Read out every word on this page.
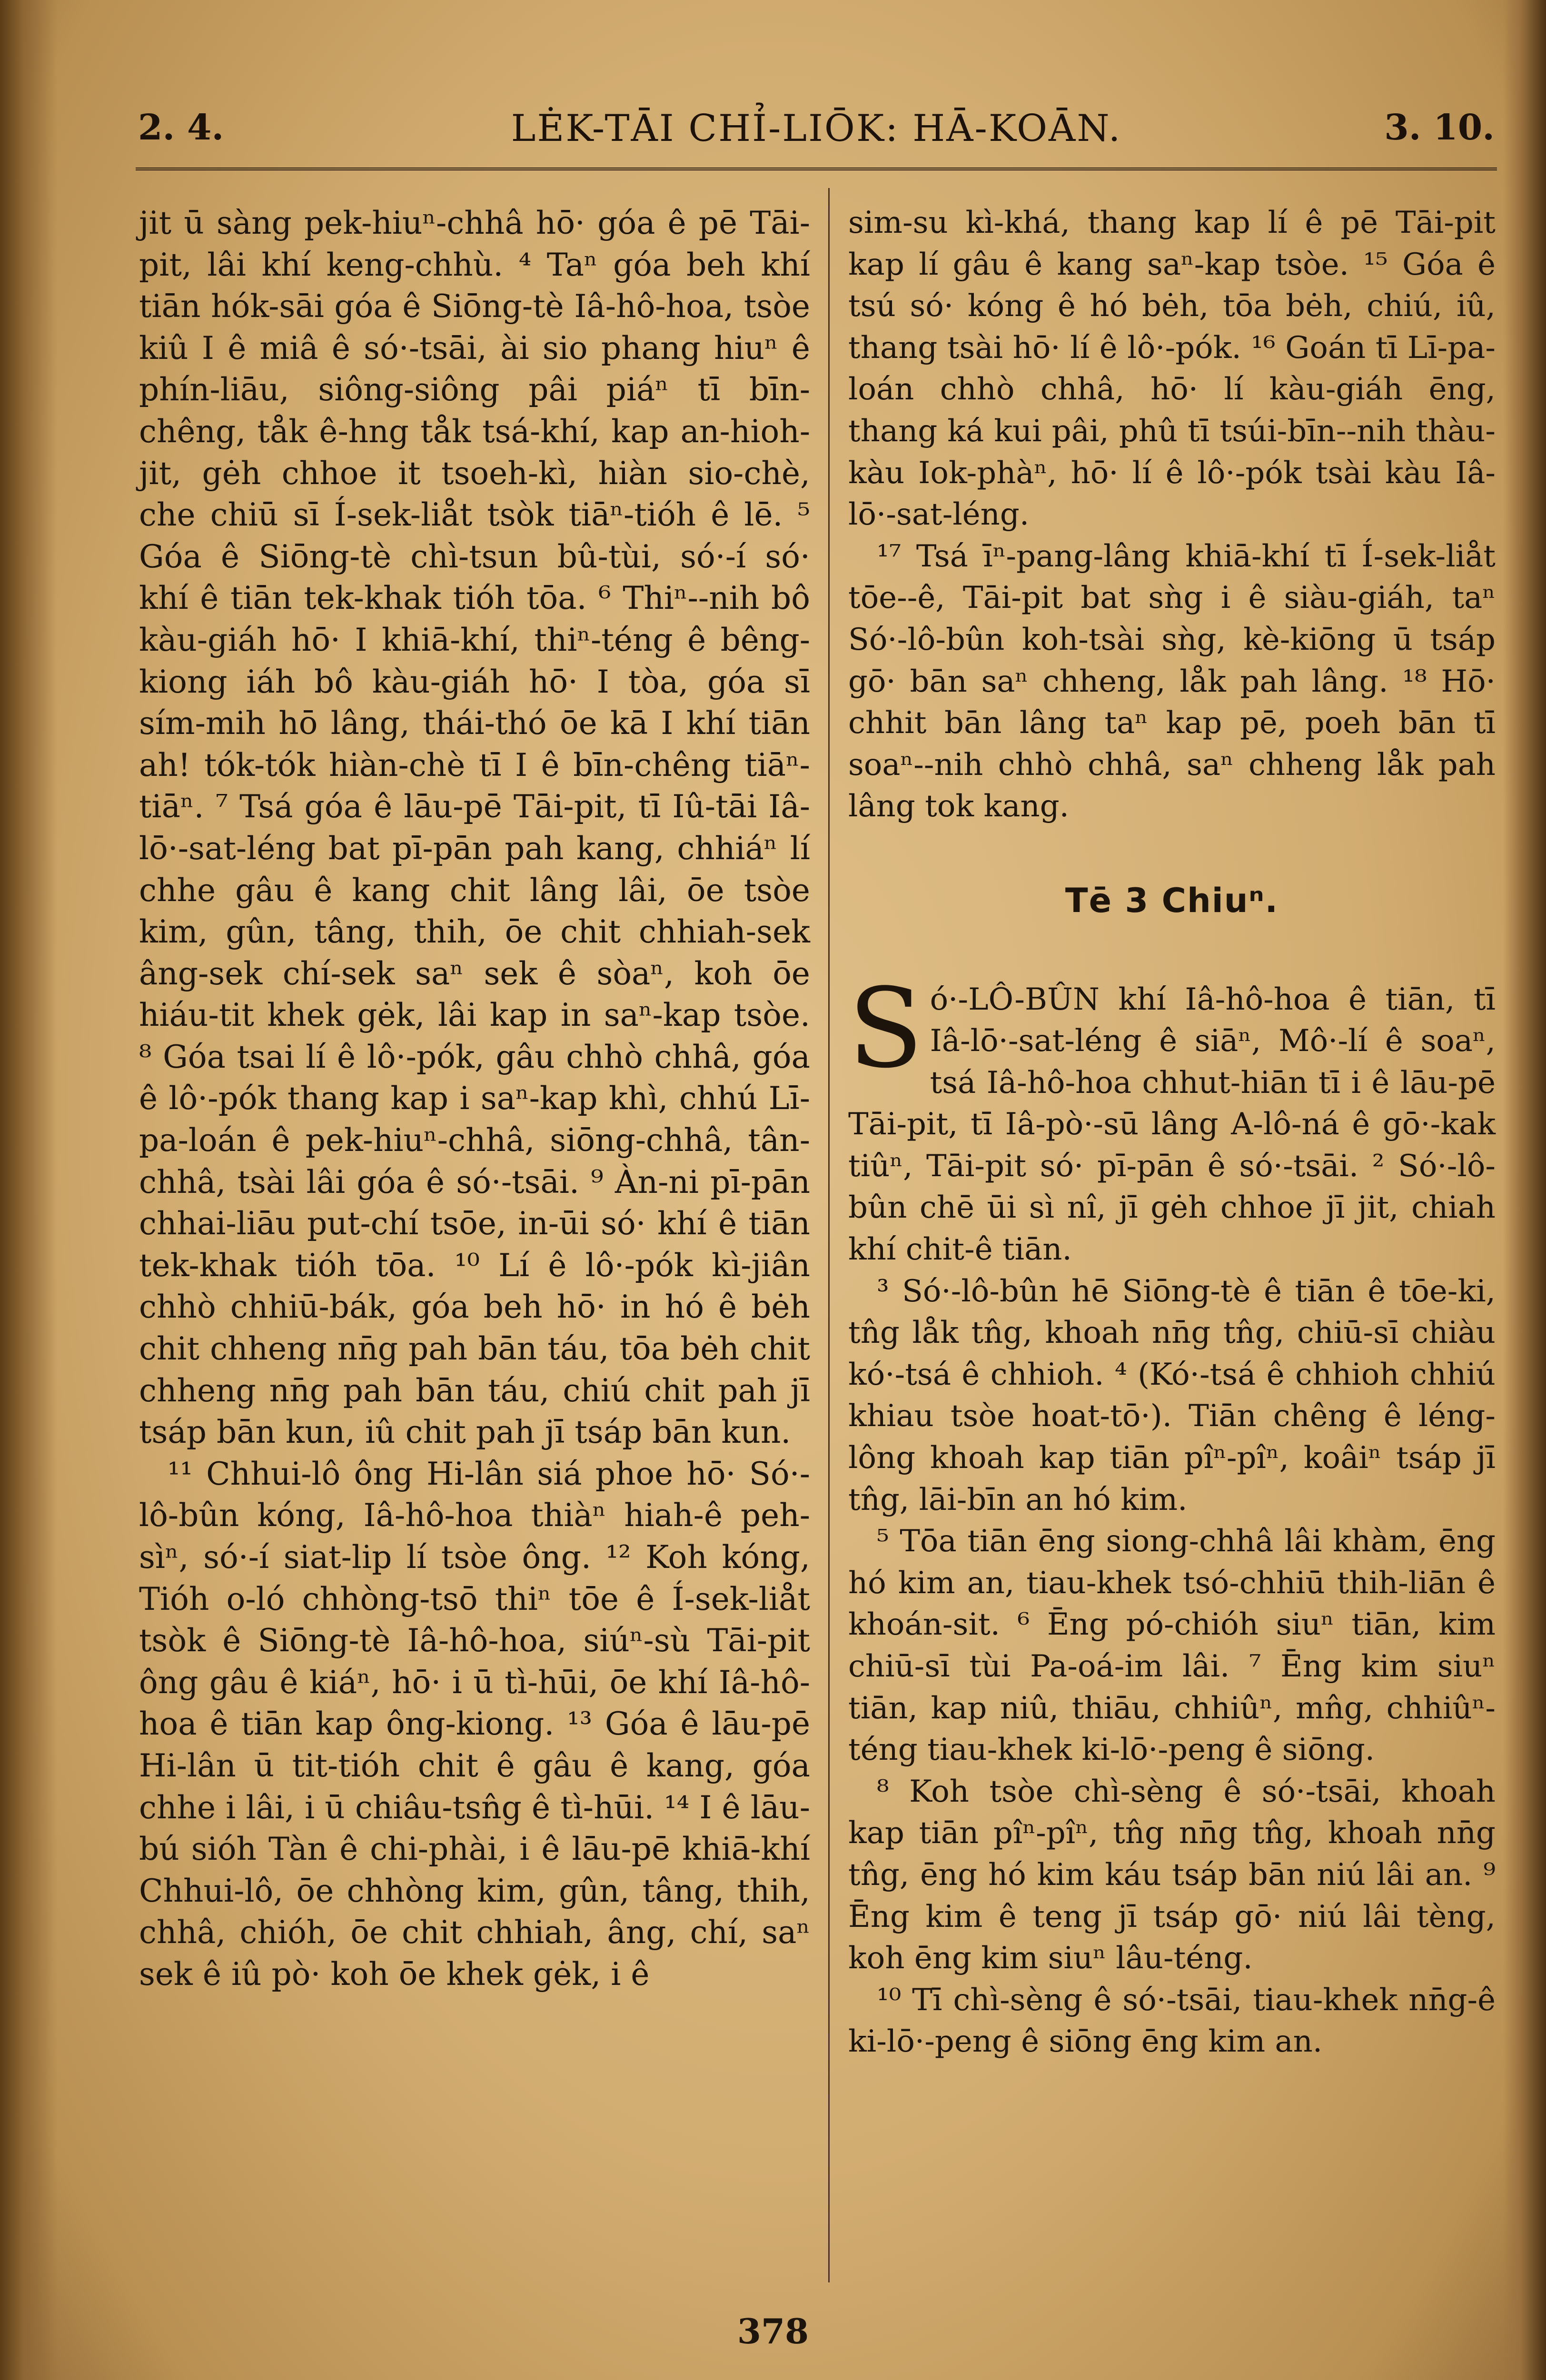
2. 4.	LĖK-TĀI CHỈ-LIŌK: HĀ-KOĀN.	3. 10.

jit ū sàng pek-hiuⁿ-chhâ hō· góa ê pē Tāi-pit, lâi khí keng-chhù. ⁴ Taⁿ góa beh khí tiān hók-sāi góa ê Siōng-tè Iâ-hô-hoa, tsòe kiû I ê miâ ê só·-tsāi, ài sio phang hiuⁿ ê phín-liāu, siông-siông pâi piáⁿ tī bīn-chêng, tåk ê-hng tåk tsá-khí, kap an-hioh-jit, gėh chhoe it tsoeh-kì, hiàn sio-chè, che chiū sī Í-sek-liåt tsòk tiāⁿ-tióh ê lē. ⁵ Góa ê Siōng-tè chì-tsun bû-tùi, só·-í só· khí ê tiān tek-khak tióh tōa. ⁶ Thiⁿ--nih bô kàu-giáh hō· I khiā-khí, thiⁿ-téng ê bêng-kiong iáh bô kàu-giáh hō· I tòa, góa sī sím-mih hō lâng, thái-thó ōe kā I khí tiān ah! tók-tók hiàn-chè tī I ê bīn-chêng tiāⁿ-tiāⁿ. ⁷ Tsá góa ê lāu-pē Tāi-pit, tī Iû-tāi Iâ-lō·-sat-léng bat pī-pān pah kang, chhiáⁿ lí chhe gâu ê kang chit lâng lâi, ōe tsòe kim, gûn, tâng, thih, ōe chit chhiah-sek âng-sek chí-sek saⁿ sek ê sòaⁿ, koh ōe hiáu-tit khek gėk, lâi kap in saⁿ-kap tsòe. ⁸ Góa tsai lí ê lô·-pók, gâu chhò chhâ, góa ê lô·-pók thang kap i saⁿ-kap khì, chhú Lī-pa-loán ê pek-hiuⁿ-chhâ, siōng-chhâ, tân-chhâ, tsài lâi góa ê só·-tsāi. ⁹ Àn-ni pī-pān chhai-liāu put-chí tsōe, in-ūi só· khí ê tiān tek-khak tióh tōa. ¹⁰ Lí ê lô·-pók kì-jiân chhò chhiū-bák, góa beh hō· in hó ê bėh chit chheng nn̄g pah bān táu, tōa bėh chit chheng nn̄g pah bān táu, chiú chit pah jī tsáp bān kun, iû chit pah jī tsáp bān kun.

¹¹ Chhui-lô ông Hi-lân siá phoe hō· Só·-lô-bûn kóng, Iâ-hô-hoa thiàⁿ hiah-ê peh-sìⁿ, só·-í siat-lip lí tsòe ông. ¹² Koh kóng, Tióh o-ló chhòng-tsō thiⁿ tōe ê Í-sek-liåt tsòk ê Siōng-tè Iâ-hô-hoa, siúⁿ-sù Tāi-pit ông gâu ê kiáⁿ, hō· i ū tì-hūi, ōe khí Iâ-hô-hoa ê tiān kap ông-kiong. ¹³ Góa ê lāu-pē Hi-lân ū tit-tióh chit ê gâu ê kang, góa chhe i lâi, i ū chiâu-tsn̂g ê tì-hūi. ¹⁴ I ê lāu-bú sióh Tàn ê chi-phài, i ê lāu-pē khiā-khí Chhui-lô, ōe chhòng kim, gûn, tâng, thih, chhâ, chióh, ōe chit chhiah, âng, chí, saⁿ sek ê iû pò· koh ōe khek gėk, i ê

sim-su kì-khá, thang kap lí ê pē Tāi-pit kap lí gâu ê kang saⁿ-kap tsòe. ¹⁵ Góa ê tsú só· kóng ê hó bėh, tōa bėh, chiú, iû, thang tsài hō· lí ê lô·-pók. ¹⁶ Goán tī Lī-pa-loán chhò chhâ, hō· lí kàu-giáh ēng, thang ká kui pâi, phû tī tsúi-bīn--nih thàu-kàu Iok-phàⁿ, hō· lí ê lô·-pók tsài kàu Iâ-lō·-sat-léng.

¹⁷ Tsá īⁿ-pang-lâng khiā-khí tī Í-sek-liåt tōe--ê, Tāi-pit bat sǹg i ê siàu-giáh, taⁿ Só·-lô-bûn koh-tsài sǹg, kè-kiōng ū tsáp gō· bān saⁿ chheng, låk pah lâng. ¹⁸ Hō· chhit bān lâng taⁿ kap pē, poeh bān tī soaⁿ--nih chhò chhâ, saⁿ chheng låk pah lâng tok kang.

Tē 3 Chiuⁿ.

Só·-LÔ-BÛN khí Iâ-hô-hoa ê tiān, tī Iâ-lō·-sat-léng ê siāⁿ, Mô·-lí ê soaⁿ, tsá Iâ-hô-hoa chhut-hiān tī i ê lāu-pē Tāi-pit, tī Iâ-pò·-sū lâng A-lô-ná ê gō·-kak tiûⁿ, Tāi-pit só· pī-pān ê só·-tsāi. ² Só·-lô-bûn chē ūi sì nî, jī gėh chhoe jī jit, chiah khí chit-ê tiān.

³ Só·-lô-bûn hē Siōng-tè ê tiān ê tōe-ki, tn̂g låk tn̂g, khoah nn̄g tn̂g, chiū-sī chiàu kó·-tsá ê chhioh. ⁴ (Kó·-tsá ê chhioh chhiú khiau tsòe hoat-tō·). Tiān chêng ê léng-lông khoah kap tiān pîⁿ-pîⁿ, koâiⁿ tsáp jī tn̂g, lāi-bīn an hó kim.

⁵ Tōa tiān ēng siong-chhâ lâi khàm, ēng hó kim an, tiau-khek tsó-chhiū thih-liān ê khoán-sit. ⁶ Ēng pó-chióh siuⁿ tiān, kim chiū-sī tùi Pa-oá-im lâi. ⁷ Ēng kim siuⁿ tiān, kap niû, thiāu, chhiûⁿ, mn̂g, chhiûⁿ-téng tiau-khek ki-lō·-peng ê siōng.

⁸ Koh tsòe chì-sèng ê só·-tsāi, khoah kap tiān pîⁿ-pîⁿ, tn̂g nn̄g tn̂g, khoah nn̄g tn̂g, ēng hó kim káu tsáp bān niú lâi an. ⁹ Ēng kim ê teng jī tsáp gō· niú lâi tèng, koh ēng kim siuⁿ lâu-téng.

¹⁰ Tī chì-sèng ê só·-tsāi, tiau-khek nn̄g-ê ki-lō·-peng ê siōng ēng kim an.

378
